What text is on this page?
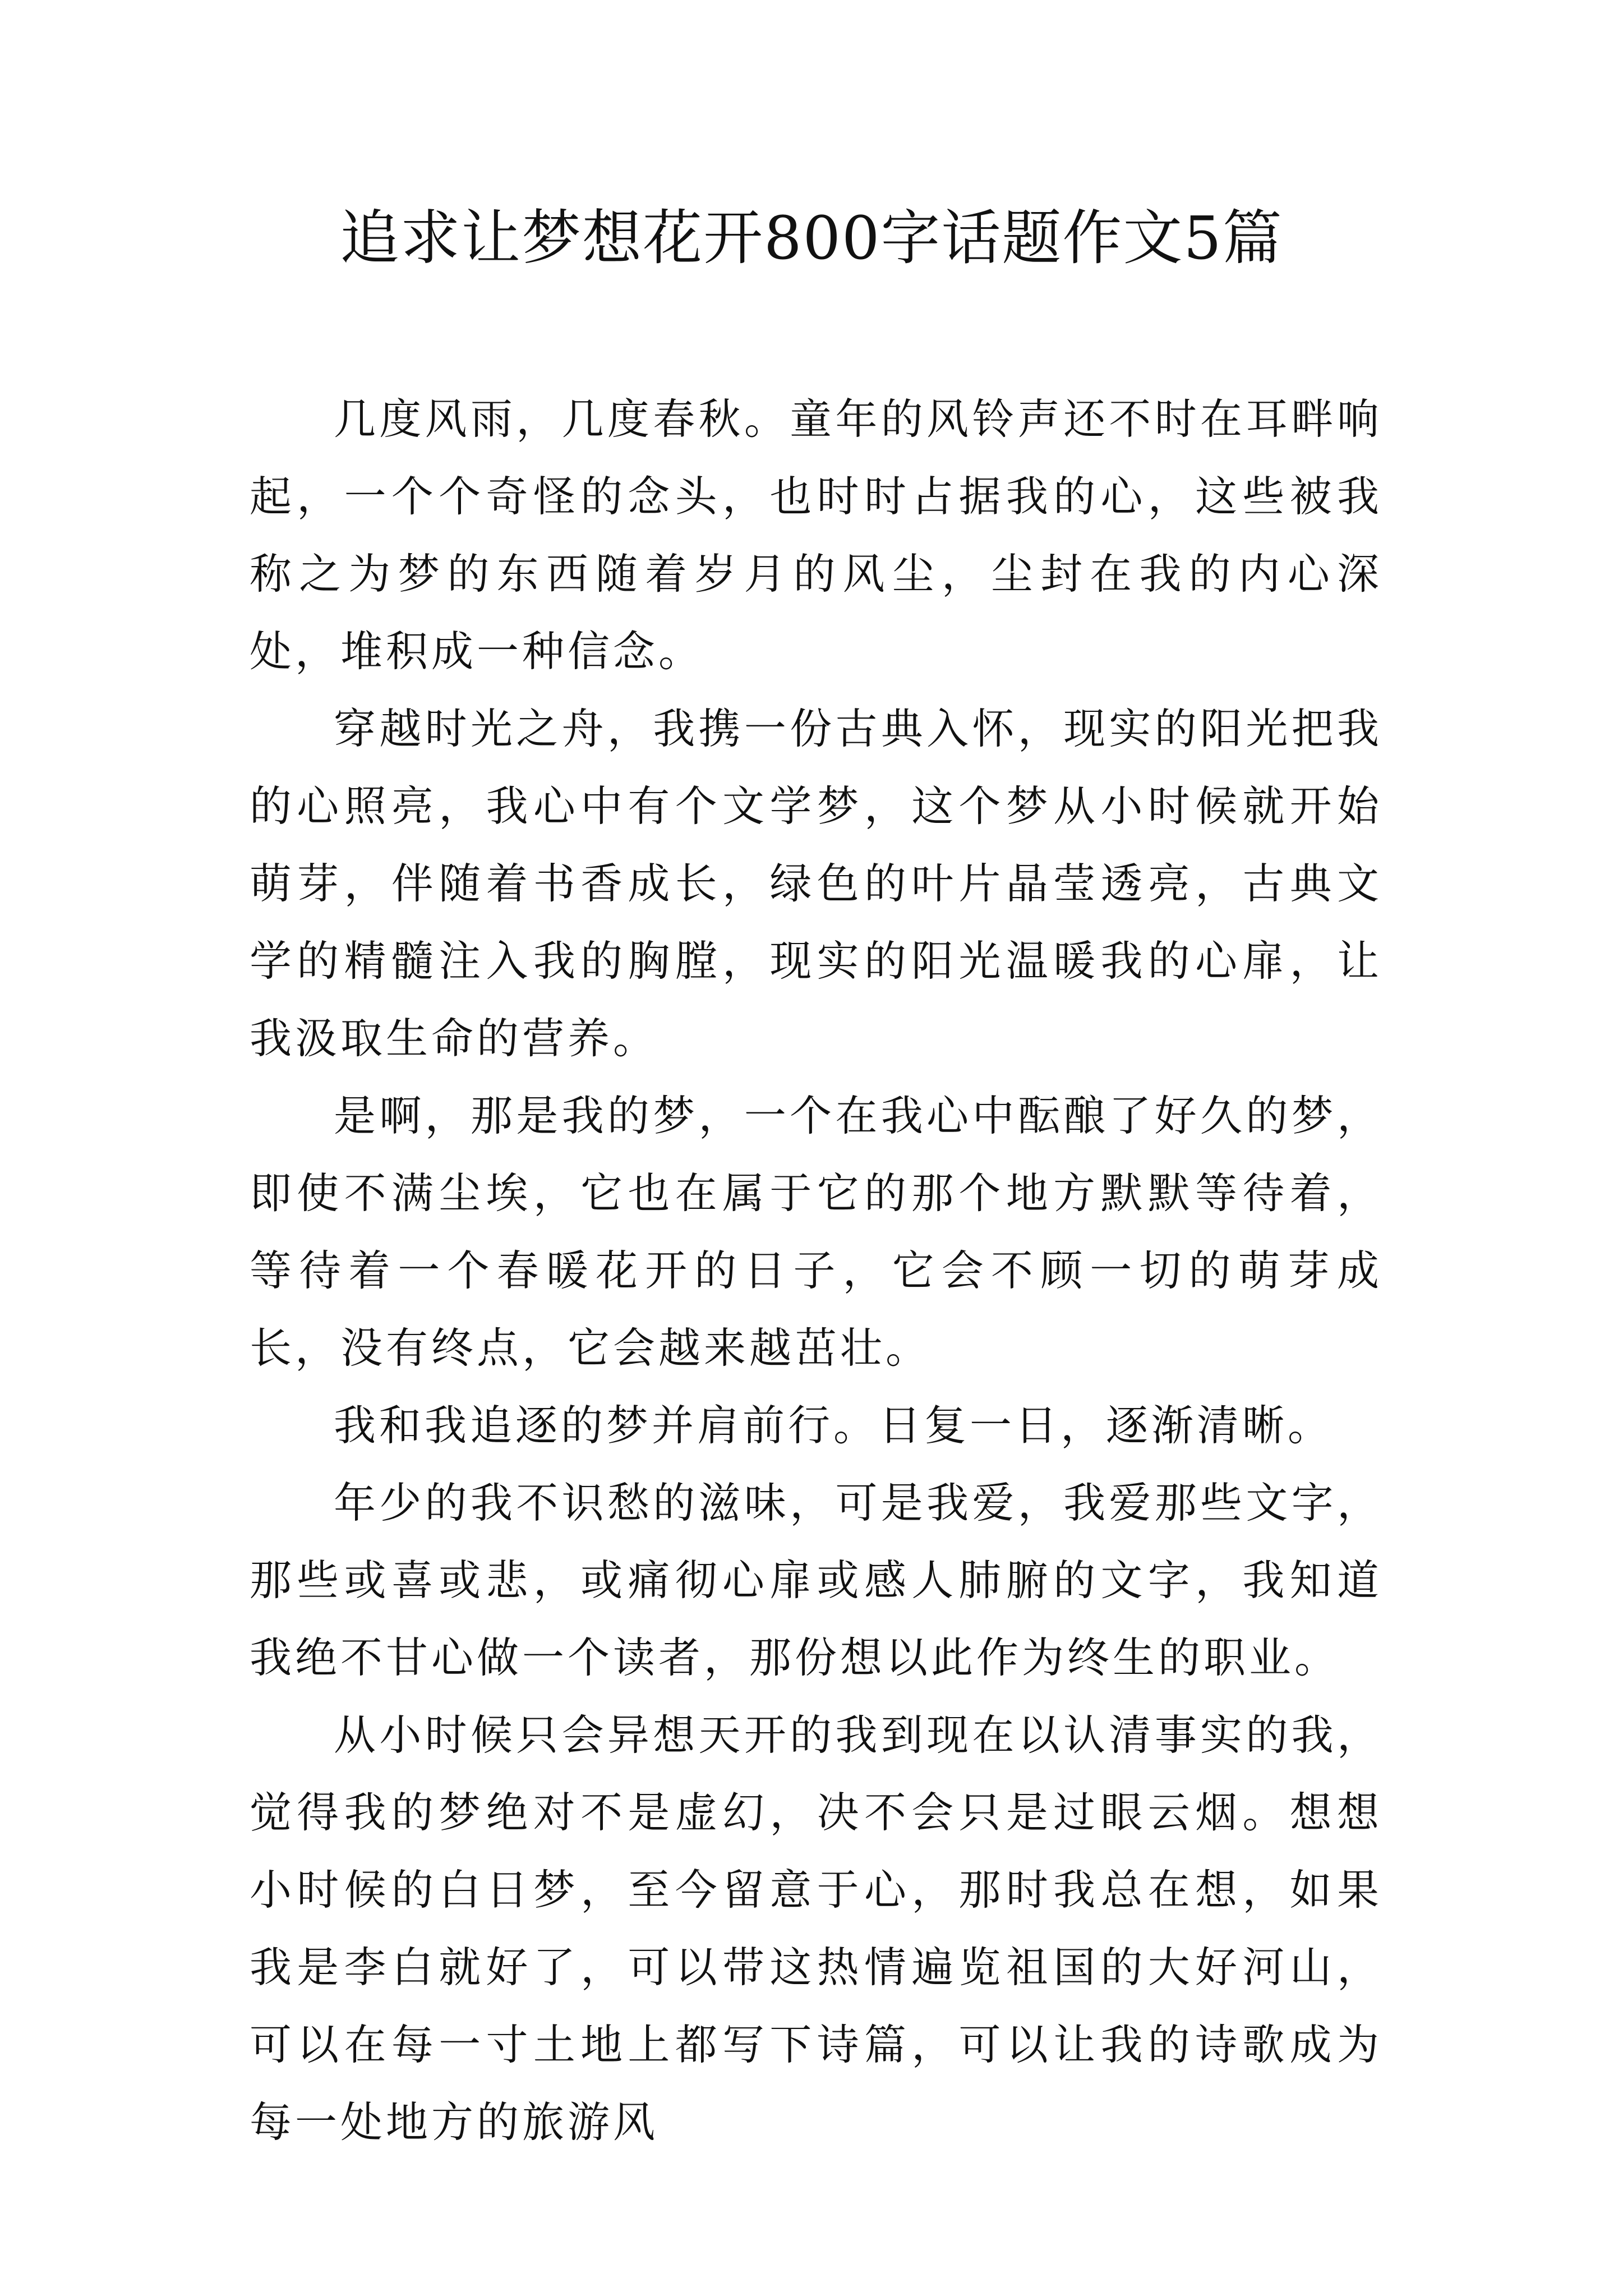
追求让梦想花开800字话题作文5篇

几度风雨，几度春秋。童年的风铃声还不时在耳畔响起，一个个奇怪的念头，也时时占据我的心，这些被我称之为梦的东西随着岁月的风尘，尘封在我的内心深处，堆积成一种信念。

穿越时光之舟，我携一份古典入怀，现实的阳光把我的心照亮，我心中有个文学梦，这个梦从小时候就开始萌芽，伴随着书香成长，绿色的叶片晶莹透亮，古典文学的精髓注入我的胸膛，现实的阳光温暖我的心扉，让我汲取生命的营养。

是啊，那是我的梦，一个在我心中酝酿了好久的梦，即使不满尘埃，它也在属于它的那个地方默默等待着，等待着一个春暖花开的日子，它会不顾一切的萌芽成长，没有终点，它会越来越茁壮。

我和我追逐的梦并肩前行。日复一日，逐渐清晰。

年少的我不识愁的滋味，可是我爱，我爱那些文字，那些或喜或悲，或痛彻心扉或感人肺腑的文字，我知道我绝不甘心做一个读者，那份想以此作为终生的职业。

从小时候只会异想天开的我到现在以认清事实的我，觉得我的梦绝对不是虚幻，决不会只是过眼云烟。想想小时候的白日梦，至今留意于心，那时我总在想，如果我是李白就好了，可以带这热情遍览祖国的大好河山，可以在每一寸土地上都写下诗篇，可以让我的诗歌成为每一处地方的旅游风
